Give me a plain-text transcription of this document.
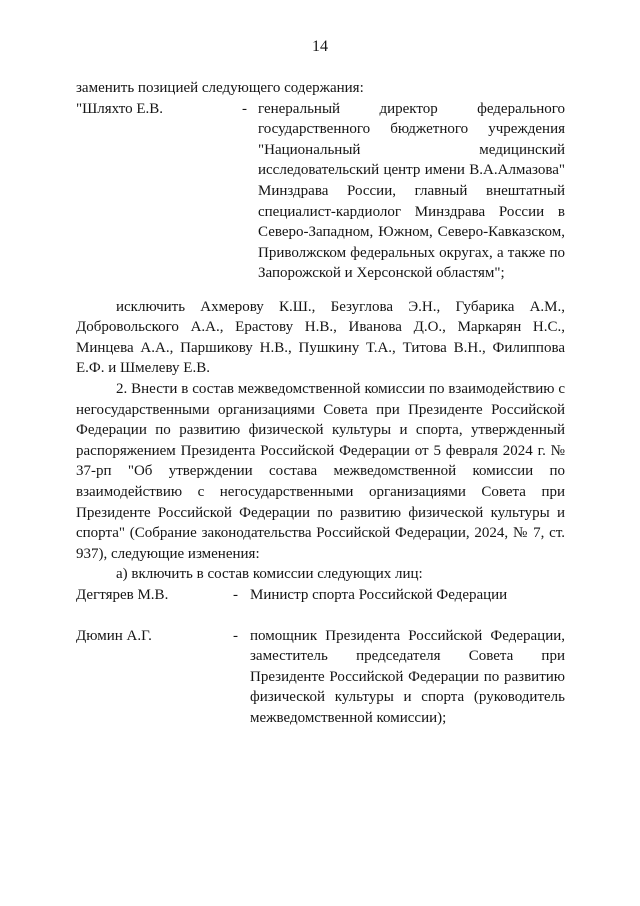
14

заменить позицией следующего содержания:

"Шляхто Е.В.	- генеральный директор федерального государственного бюджетного учреждения "Национальный медицинский исследовательский центр имени В.А.Алмазова" Минздрава России, главный внештатный специалист-кардиолог Минздрава России в Северо-Западном, Южном, Северо-Кавказском, Приволжском федеральных округах, а также по Запорожской и Херсонской областям";

исключить Ахмерову К.Ш., Безуглова Э.Н., Губарика А.М., Добровольского А.А., Ерастову Н.В., Иванова Д.О., Маркарян Н.С., Минцева А.А., Паршикову Н.В., Пушкину Т.А., Титова В.Н., Филиппова Е.Ф. и Шмелеву Е.В.

2. Внести в состав межведомственной комиссии по взаимодействию с негосударственными организациями Совета при Президенте Российской Федерации по развитию физической культуры и спорта, утвержденный распоряжением Президента Российской Федерации от 5 февраля 2024 г. № 37-рп "Об утверждении состава межведомственной комиссии по взаимодействию с негосударственными организациями Совета при Президенте Российской Федерации по развитию физической культуры и спорта" (Собрание законодательства Российской Федерации, 2024, № 7, ст. 937), следующие изменения:

а) включить в состав комиссии следующих лиц:

Дегтярев М.В.	- Министр спорта Российской Федерации
Дюмин А.Г.	- помощник Президента Российской Федерации, заместитель председателя Совета при Президенте Российской Федерации по развитию физической культуры и спорта (руководитель межведомственной комиссии);
